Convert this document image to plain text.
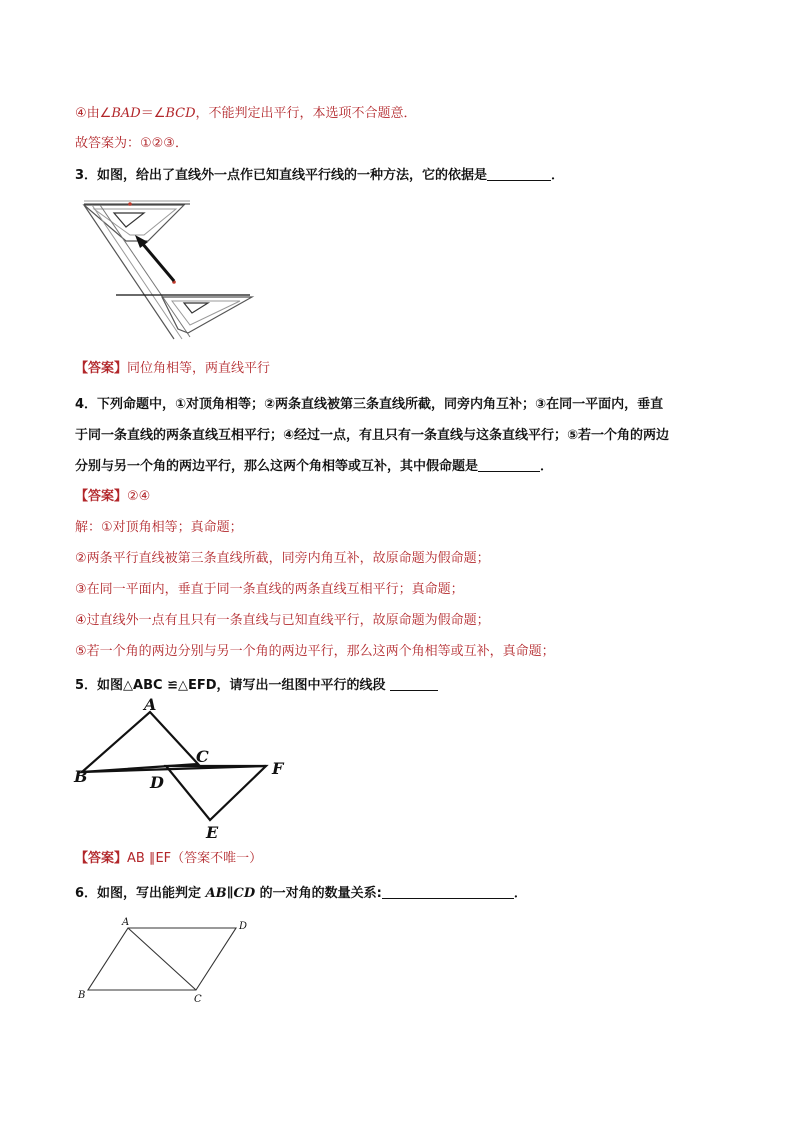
④由∠BAD＝∠BCD，不能判定出平行，本选项不合题意．
故答案为：①②③．
3．如图，给出了直线外一点作已知直线平行线的一种方法，它的依据是	．
【答案】同位角相等，两直线平行
4．下列命题中，①对顶角相等；②两条直线被第三条直线所截，同旁内角互补；③在同一平面内，垂直
于同一条直线的两条直线互相平行；④经过一点，有且只有一条直线与这条直线平行；⑤若一个角的两边
分别与另一个角的两边平行，那么这两个角相等或互补，其中假命题是	．
【答案】②④
解：①对顶角相等；真命题；
②两条平行直线被第三条直线所截，同旁内角互补，故原命题为假命题；
③在同一平面内，垂直于同一条直线的两条直线互相平行；真命题；
④过直线外一点有且只有一条直线与已知直线平行，故原命题为假命题；
⑤若一个角的两边分别与另一个角的两边平行，那么这两个角相等或互补，真命题；
5．如图△ABC ≌△EFD，请写出一组图中平行的线段
A
B
C
D
E
F
【答案】AB ∥EF（答案不唯一）
6．如图，写出能判定 AB∥CD 的一对角的数量关系:	．
A
B	C
D
